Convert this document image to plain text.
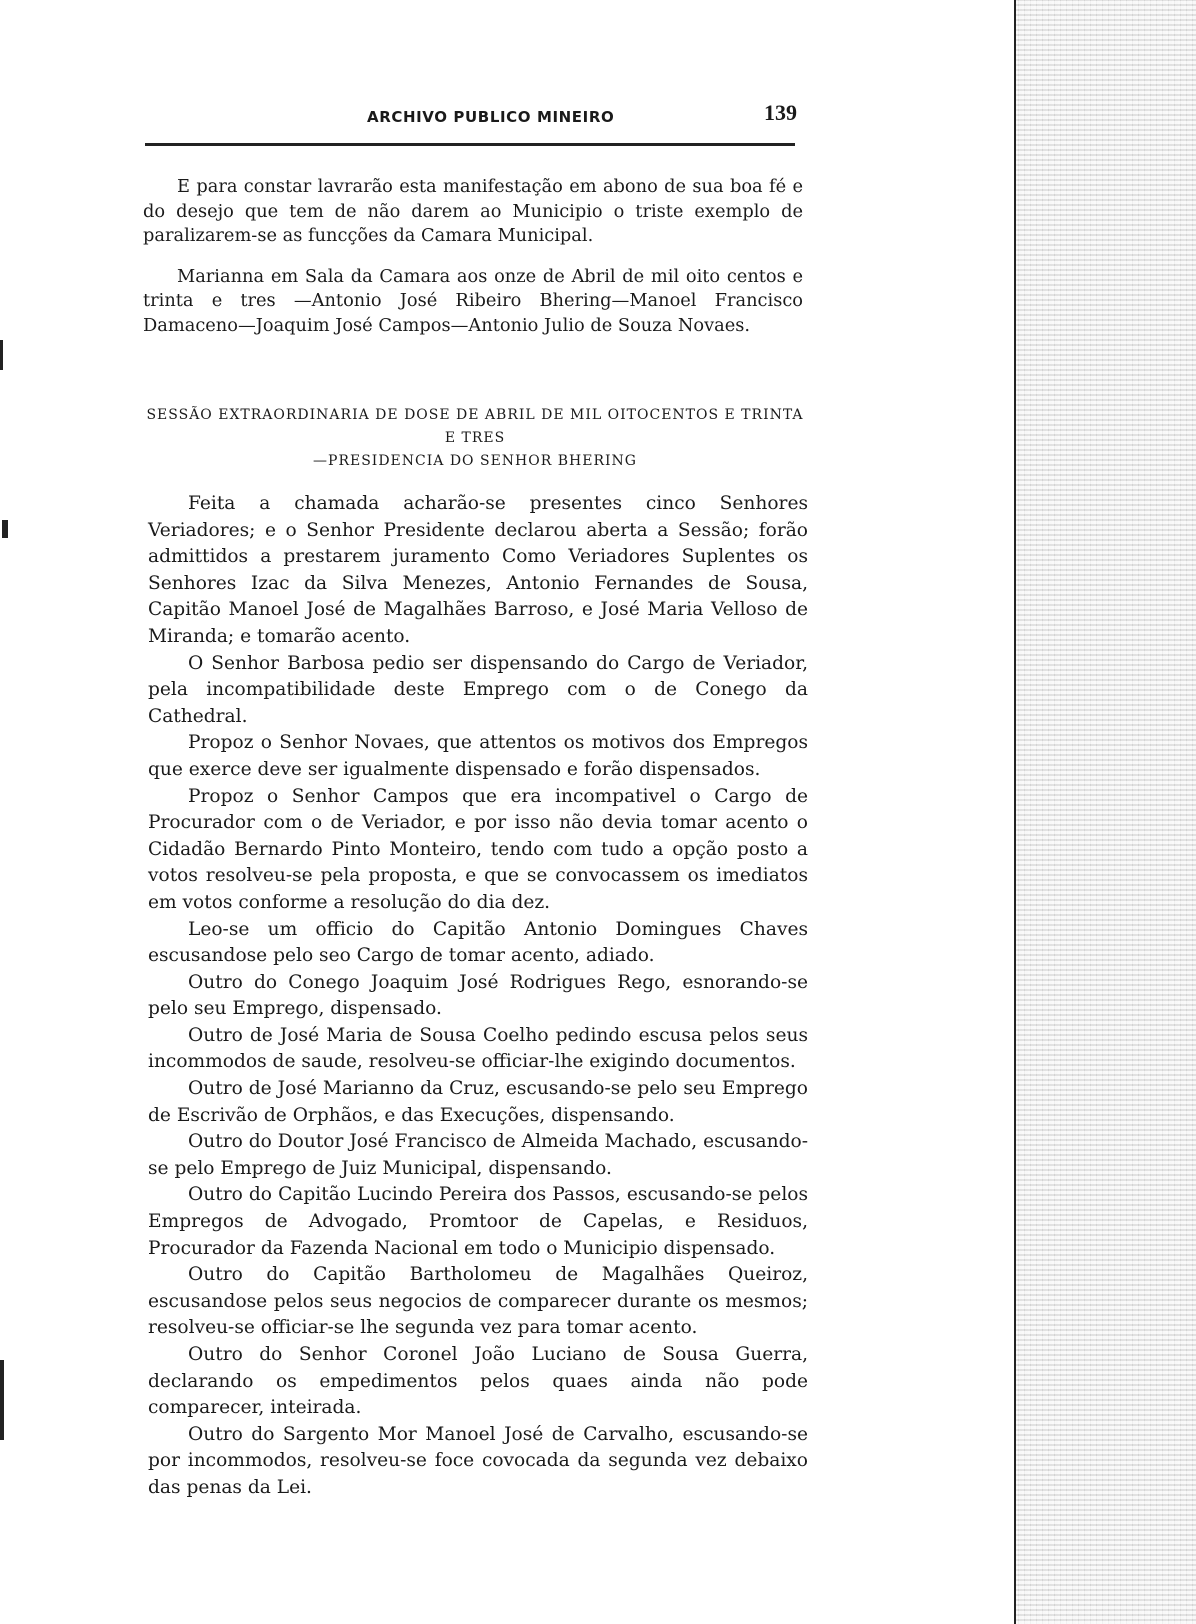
ARCHIVO PUBLICO MINEIRO	139

E para constar lavrarão esta manifestação em abono de sua boa fé e do desejo que tem de não darem ao Municipio o triste exemplo de paralizarem-se as funcções da Camara Municipal.

Marianna em Sala da Camara aos onze de Abril de mil oito centos e trinta e tres —Antonio José Ribeiro Bhering—Manoel Francisco Damaceno—Joaquim José Campos—Antonio Julio de Souza Novaes.

SESSÃO EXTRAORDINARIA DE DOSE DE ABRIL DE MIL OITOCENTOS E TRINTA E TRES
—PRESIDENCIA DO SENHOR BHERING

Feita a chamada acharão-se presentes cinco Senhores Veriadores; e o Senhor Presidente declarou aberta a Sessão; forão admittidos a prestarem juramento Como Veriadores Suplentes os Senhores Izac da Silva Menezes, Antonio Fernandes de Sousa, Capitão Manoel José de Magalhães Barroso, e José Maria Velloso de Miranda; e tomarão acento.

O Senhor Barbosa pedio ser dispensando do Cargo de Veriador, pela incompatibilidade deste Emprego com o de Conego da Cathedral.

Propoz o Senhor Novaes, que attentos os motivos dos Empregos que exerce deve ser igualmente dispensado e forão dispensados.

Propoz o Senhor Campos que era incompativel o Cargo de Procurador com o de Veriador, e por isso não devia tomar acento o Cidadão Bernardo Pinto Monteiro, tendo com tudo a opção posto a votos resolveu-se pela proposta, e que se convocassem os imediatos em votos conforme a resolução do dia dez.

Leo-se um officio do Capitão Antonio Domingues Chaves escusandose pelo seo Cargo de tomar acento, adiado.

Outro do Conego Joaquim José Rodrigues Rego, esnorando-se pelo seu Emprego, dispensado.

Outro de José Maria de Sousa Coelho pedindo escusa pelos seus incommodos de saude, resolveu-se officiar-lhe exigindo documentos.

Outro de José Marianno da Cruz, escusando-se pelo seu Emprego de Escrivão de Orphãos, e das Execuções, dispensando.

Outro do Doutor José Francisco de Almeida Machado, escusando-se pelo Emprego de Juiz Municipal, dispensando.

Outro do Capitão Lucindo Pereira dos Passos, escusando-se pelos Empregos de Advogado, Promtoor de Capelas, e Residuos, Procurador da Fazenda Nacional em todo o Municipio dispensado.

Outro do Capitão Bartholomeu de Magalhães Queiroz, escusandose pelos seus negocios de comparecer durante os mesmos; resolveu-se officiar-se lhe segunda vez para tomar acento.

Outro do Senhor Coronel João Luciano de Sousa Guerra, declarando os empedimentos pelos quaes ainda não pode comparecer, inteirada.

Outro do Sargento Mor Manoel José de Carvalho, escusando-se por incommodos, resolveu-se foce covocada da segunda vez debaixo das penas da Lei.
